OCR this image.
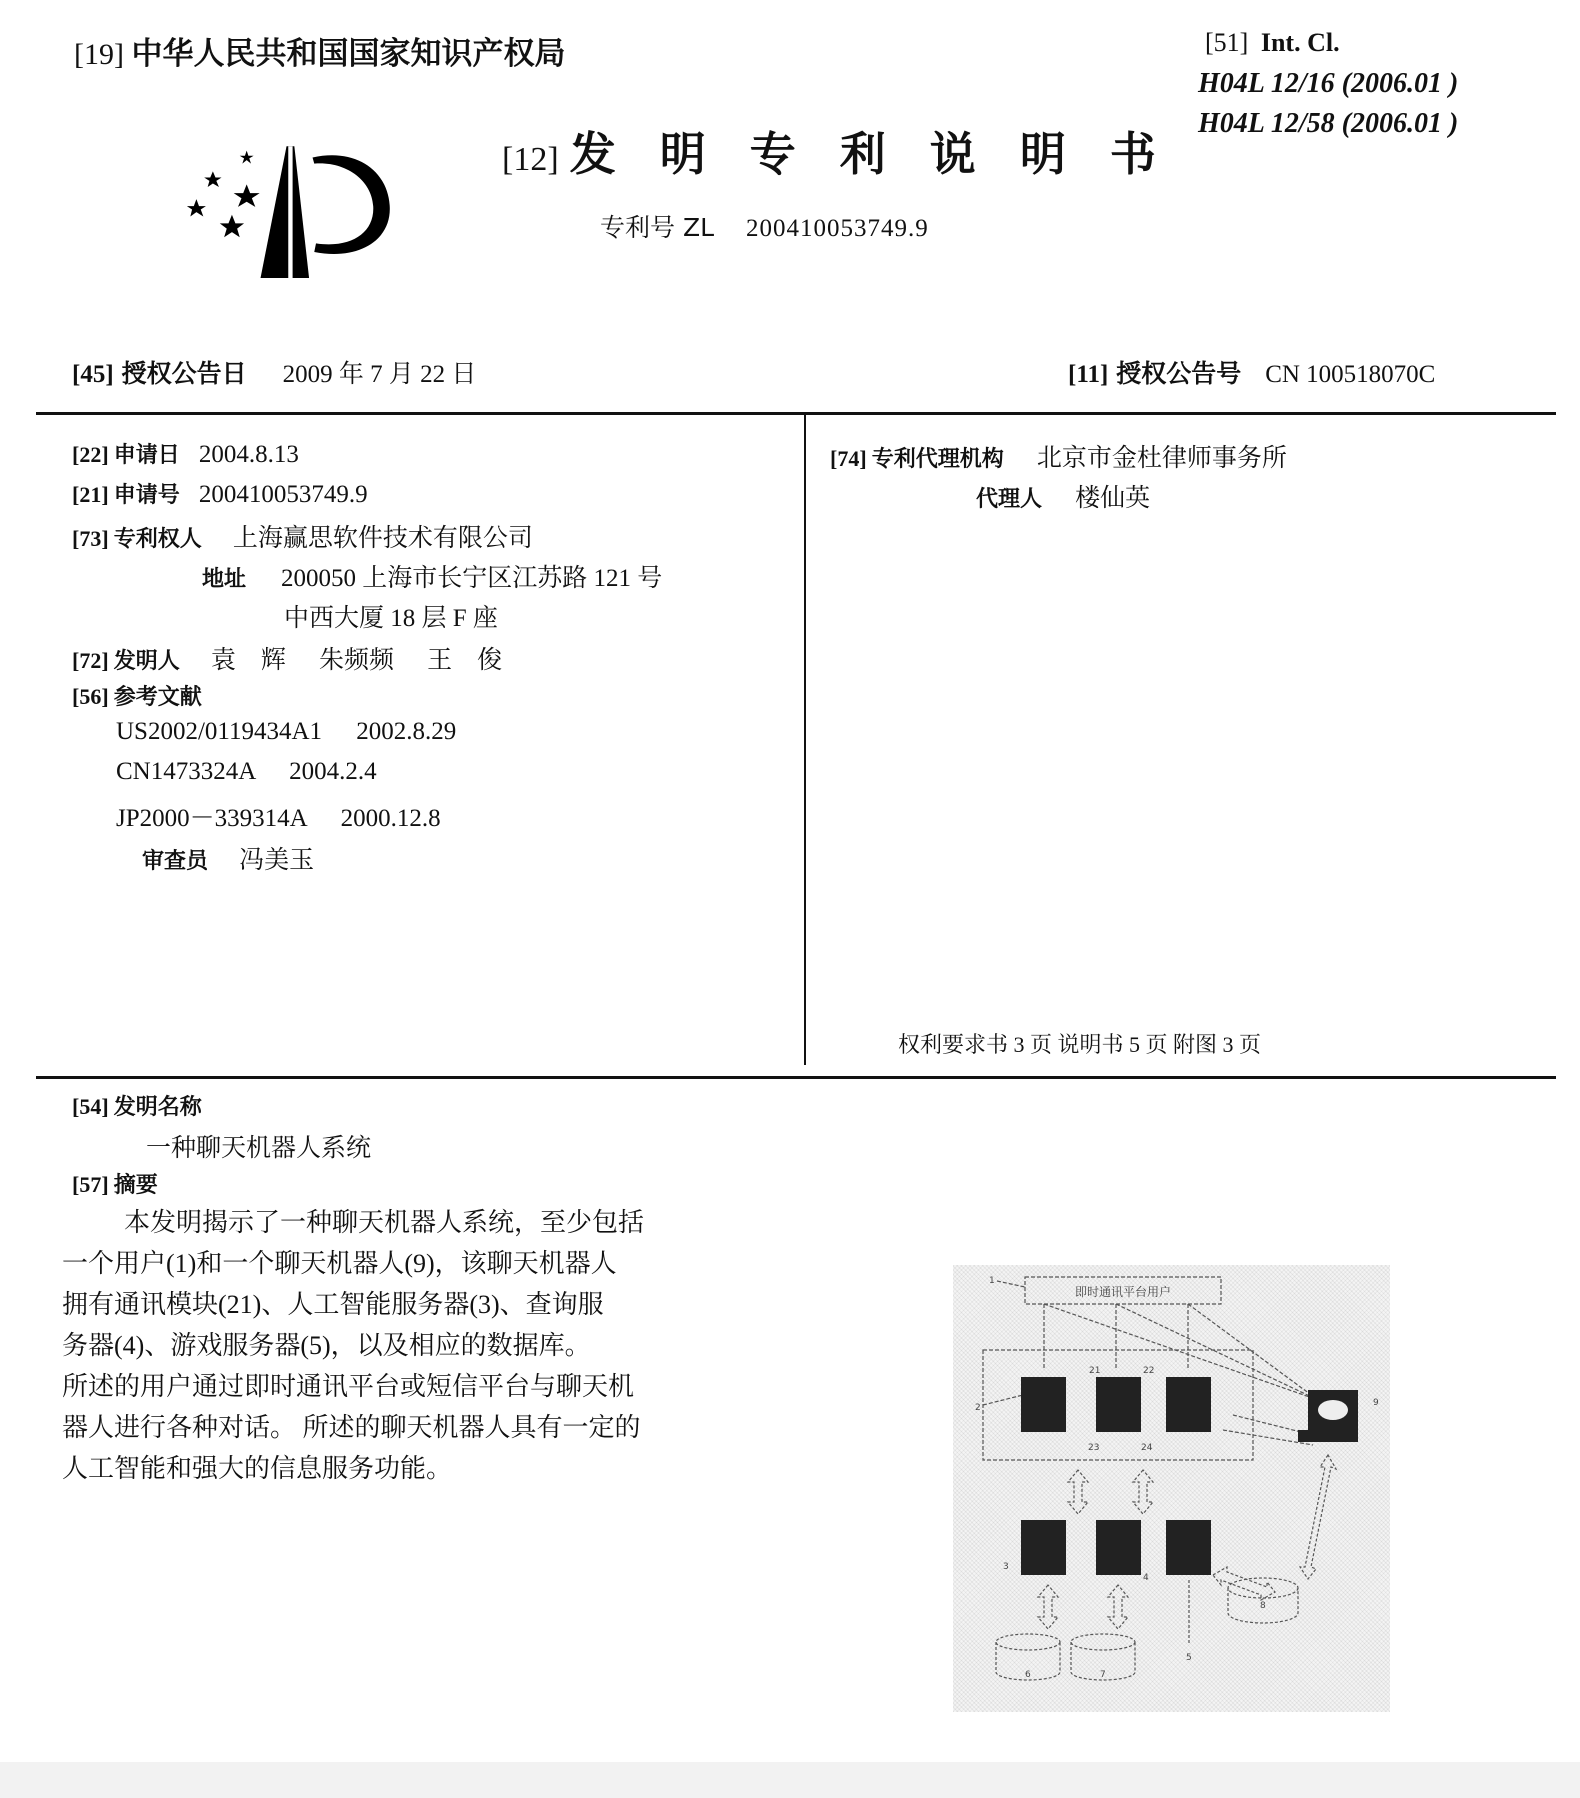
[19] 中华人民共和国国家知识产权局
[12] 发 明 专 利 说 明 书
专利号 ZL 200410053749.9
[51] Int. Cl.
H04L 12/16 (2006.01 )
H04L 12/58 (2006.01 )
[45] 授权公告日 2009 年 7 月 22 日	[11] 授权公告号 CN 100518070C
[22] 申请日 2004.8.13
[21] 申请号 200410053749.9
[73] 专利权人 上海赢思软件技术有限公司
地址 200050 上海市长宁区江苏路 121 号
中西大厦 18 层 F 座
[72] 发明人 袁　辉 朱频频 王　俊
[56] 参考文献
US2002/0119434A1 2002.8.29
CN1473324A 2004.2.4
JP2000－339314A 2000.12.8
审查员 冯美玉
[74] 专利代理机构 北京市金杜律师事务所
代理人 楼仙英
权利要求书 3 页 说明书 5 页 附图 3 页
[54] 发明名称
一种聊天机器人系统
[57] 摘要

本发明揭示了一种聊天机器人系统，至少包括

一个用户(1)和一个聊天机器人(9)，该聊天机器人

拥有通讯模块(21)、人工智能服务器(3)、查询服

务器(4)、游戏服务器(5)，以及相应的数据库。

所述的用户通过即时通讯平台或短信平台与聊天机

器人进行各种对话。 所述的聊天机器人具有一定的

人工智能和强大的信息服务功能。

即时通讯平台用户
1
2
21	22
23	24
9
3
4
5
6	7
8
